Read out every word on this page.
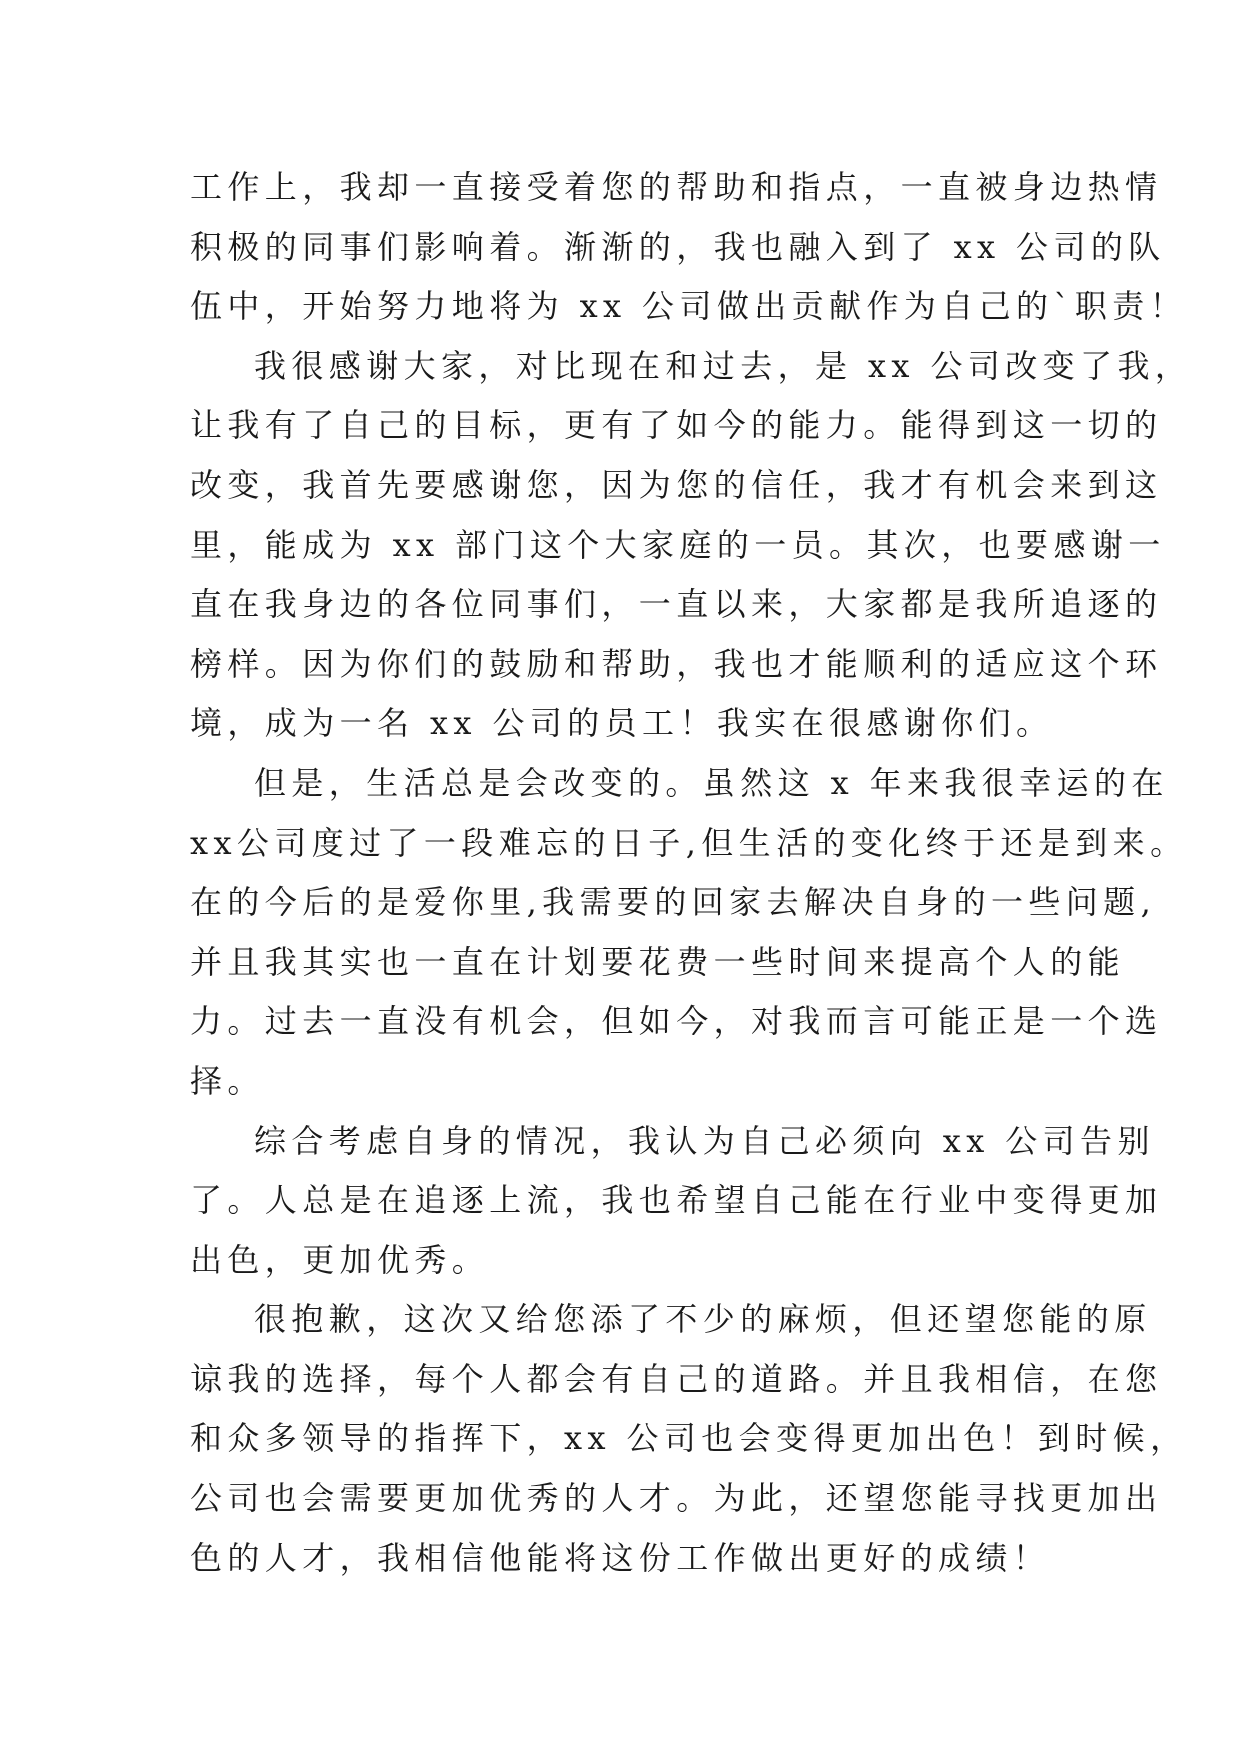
工作上，我却一直接受着您的帮助和指点，一直被身边热情
积极的同事们影响着。渐渐的，我也融入到了 xx 公司的队
伍中，开始努力地将为 xx 公司做出贡献作为自己的`职责！
我很感谢大家，对比现在和过去，是 xx 公司改变了我，
让我有了自己的目标，更有了如今的能力。能得到这一切的
改变，我首先要感谢您，因为您的信任，我才有机会来到这
里，能成为 xx 部门这个大家庭的一员。其次，也要感谢一
直在我身边的各位同事们，一直以来，大家都是我所追逐的
榜样。因为你们的鼓励和帮助，我也才能顺利的适应这个环
境，成为一名 xx 公司的员工！我实在很感谢你们。
但是，生活总是会改变的。虽然这 x 年来我很幸运的在
xx公司度过了一段难忘的日子,但生活的变化终于还是到来。
在的今后的是爱你里,我需要的回家去解决自身的一些问题,
并且我其实也一直在计划要花费一些时间来提高个人的能
力。过去一直没有机会，但如今，对我而言可能正是一个选
择。
综合考虑自身的情况，我认为自己必须向 xx 公司告别
了。人总是在追逐上流，我也希望自己能在行业中变得更加
出色，更加优秀。
很抱歉，这次又给您添了不少的麻烦，但还望您能的原
谅我的选择，每个人都会有自己的道路。并且我相信，在您
和众多领导的指挥下，xx 公司也会变得更加出色！到时候，
公司也会需要更加优秀的人才。为此，还望您能寻找更加出
色的人才，我相信他能将这份工作做出更好的成绩！
